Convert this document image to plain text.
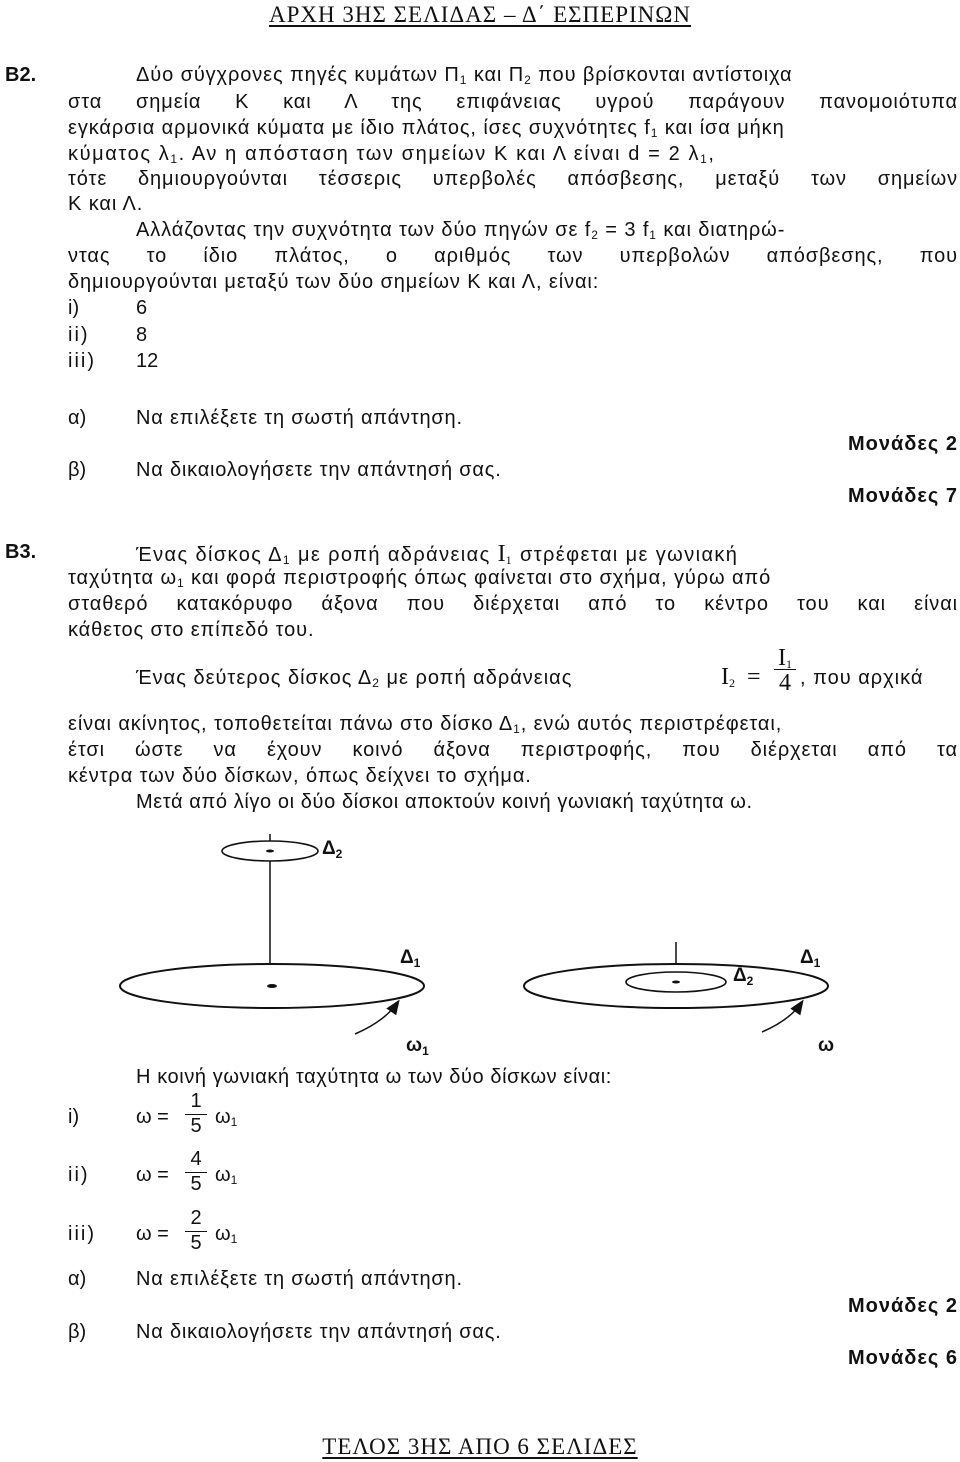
ΑΡΧΗ 3ΗΣ ΣΕΛΙΔΑΣ – Δ΄ ΕΣΠΕΡΙΝΩΝ
Β2.	Δύο σύγχρονες πηγές κυμάτων $\Pi_1$ και $\Pi_2$ που βρίσκονται αντίστοιχα
στα σημεία Κ και Λ της επιφάνειας υγρού παράγουν πανομοιότυπα
εγκάρσια αρμονικά κύματα με ίδιο πλάτος, ίσες συχνότητες $f_1$ και ίσα μήκη
κύματος $\lambda_1$. Αν η απόσταση των σημείων Κ και Λ είναι d = 2 $\lambda_1$,
τότε δημιουργούνται τέσσερις υπερβολές απόσβεσης, μεταξύ των σημείων
Κ και Λ.
Αλλάζοντας την συχνότητα των δύο πηγών σε $f_2 = 3$ $f_1$ και διατηρώ-
ντας το ίδιο πλάτος, ο αριθμός των υπερβολών απόσβεσης, που
δημιουργούνται μεταξύ των δύο σημείων Κ και Λ, είναι:
i)	6
ii) 8
iii) 12
α) Να επιλέξετε τη σωστή απάντηση.
Μονάδες 2
β) Να δικαιολογήσετε την απάντησή σας.
Μονάδες 7
Β3.	Ένας δίσκος $\Delta_1$ με ροπή αδράνειας $I_1$ στρέφεται με γωνιακή
ταχύτητα $\omega_1$ και φορά περιστροφής όπως φαίνεται στο σχήμα, γύρω από
σταθερό κατακόρυφο άξονα που διέρχεται από το κέντρο του και είναι
κάθετος στο επίπεδό του.
Ένας δεύτερος δίσκος $\Delta_2$ με ροπή αδράνειας	$I_2$ =
$I_1$
4 , που αρχικά
είναι ακίνητος, τοποθετείται πάνω στο δίσκο $\Delta_1$, ενώ αυτός περιστρέφεται,
έτσι ώστε να έχουν κοινό άξονα περιστροφής, που διέρχεται από τα
κέντρα των δύο δίσκων, όπως δείχνει το σχήμα.
Μετά από λίγο οι δύο δίσκοι αποκτούν κοινή γωνιακή ταχύτητα ω.
$\Delta_2$
$\Delta_1$
$\omega_1$
$\Delta_2$
$\Delta_1$
ω
Η κοινή γωνιακή ταχύτητα ω των δύο δίσκων είναι:
i)	ω =
1
5 $\omega_1$
ii) ω =
4
5 $\omega_1$
iii) ω =
2
5 $\omega_1$
α) Να επιλέξετε τη σωστή απάντηση.
Μονάδες 2
β) Να δικαιολογήσετε την απάντησή σας.
Μονάδες 6
ΤΕΛΟΣ 3ΗΣ ΑΠΟ 6 ΣΕΛΙΔΕΣ
